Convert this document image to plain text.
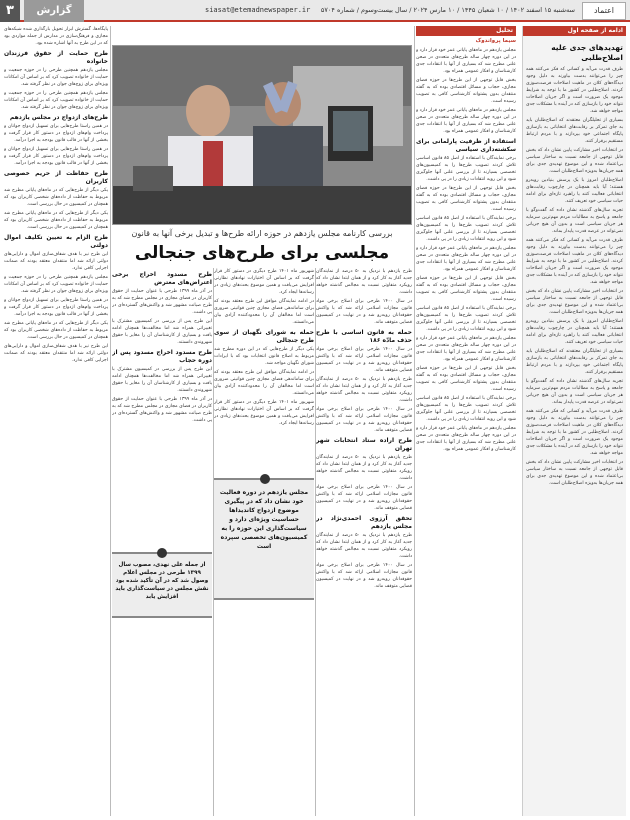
۳	گزارش	siasat@etemadnewspaper.ir	سه‌شنبه ۱۵ اسفند ۱۴۰۲ / ۱۰ شعبان ۱۴۴۵ / ۱۰ مارس ۲۰۲۴ / سال بیست‌وسوم / شماره ۵۷۰۴	اعتماد
ادامه از صفحه اول
تهدیدهای جدی علیه اصلاح‌طلبی

طرف قدرت می‌آید و کسانی که فکر می‌کنند همه چیز را می‌توانند بدست بیاورند به دلیل وجود دیدگاه‌های کلان در ماهیت اصلاحات فرصت‌سوزی کردند. اصلاح‌طلبی در کشور ما با توجه به شرایط موجود یک ضرورت است و اگر جریان اصلاحات نتواند خود را بازسازی کند در آینده با مشکلات جدی مواجه خواهد شد.

بسیاری از تحلیلگران معتقدند که اصلاح‌طلبان باید به جای تمرکز بر رقابت‌های انتخاباتی به بازسازی پایگاه اجتماعی خود بپردازند و با مردم ارتباط مستقیم برقرار کنند.

در انتخابات اخیر مشارکت پایین نشان داد که بخش قابل توجهی از جامعه نسبت به ساختار سیاسی بی‌اعتماد شده و این موضوع تهدیدی جدی برای همه جریان‌ها به‌ویژه اصلاح‌طلبان است.

اصلاح‌طلبان امروز با یک پرسش بنیادین روبه‌رو هستند؛ آیا باید همچنان در چارچوب رقابت‌های انتخاباتی فعالیت کنند یا راهبرد تازه‌ای برای ادامه حیات سیاسی خود تعریف کنند.

تجربه سال‌های گذشته نشان داده که گفت‌وگو با جامعه و پاسخ به مطالبات مردم مهم‌ترین سرمایه هر جریان سیاسی است و بدون آن هیچ جریانی نمی‌تواند در عرصه قدرت پایدار بماند.

طرف قدرت می‌آید و کسانی که فکر می‌کنند همه چیز را می‌توانند بدست بیاورند به دلیل وجود دیدگاه‌های کلان در ماهیت اصلاحات فرصت‌سوزی کردند. اصلاح‌طلبی در کشور ما با توجه به شرایط موجود یک ضرورت است و اگر جریان اصلاحات نتواند خود را بازسازی کند در آینده با مشکلات جدی مواجه خواهد شد.

در انتخابات اخیر مشارکت پایین نشان داد که بخش قابل توجهی از جامعه نسبت به ساختار سیاسی بی‌اعتماد شده و این موضوع تهدیدی جدی برای همه جریان‌ها به‌ویژه اصلاح‌طلبان است.

اصلاح‌طلبان امروز با یک پرسش بنیادین روبه‌رو هستند؛ آیا باید همچنان در چارچوب رقابت‌های انتخاباتی فعالیت کنند یا راهبرد تازه‌ای برای ادامه حیات سیاسی خود تعریف کنند.

بسیاری از تحلیلگران معتقدند که اصلاح‌طلبان باید به جای تمرکز بر رقابت‌های انتخاباتی به بازسازی پایگاه اجتماعی خود بپردازند و با مردم ارتباط مستقیم برقرار کنند.

تجربه سال‌های گذشته نشان داده که گفت‌وگو با جامعه و پاسخ به مطالبات مردم مهم‌ترین سرمایه هر جریان سیاسی است و بدون آن هیچ جریانی نمی‌تواند در عرصه قدرت پایدار بماند.

طرف قدرت می‌آید و کسانی که فکر می‌کنند همه چیز را می‌توانند بدست بیاورند به دلیل وجود دیدگاه‌های کلان در ماهیت اصلاحات فرصت‌سوزی کردند. اصلاح‌طلبی در کشور ما با توجه به شرایط موجود یک ضرورت است و اگر جریان اصلاحات نتواند خود را بازسازی کند در آینده با مشکلات جدی مواجه خواهد شد.

در انتخابات اخیر مشارکت پایین نشان داد که بخش قابل توجهی از جامعه نسبت به ساختار سیاسی بی‌اعتماد شده و این موضوع تهدیدی جدی برای همه جریان‌ها به‌ویژه اصلاح‌طلبان است.

تحلیل
سیما پرواندوک

مجلس یازدهم در ماه‌های پایانی عمر خود قرار دارد و در این دوره چهار ساله طرح‌های متعددی در صحن علنی مطرح شد که بسیاری از آنها با انتقادات جدی کارشناسان و افکار عمومی همراه بود.

بخش قابل توجهی از این طرح‌ها در حوزه فضای مجازی، حجاب و مسائل اقتصادی بوده که به گفته منتقدان بدون پشتوانه کارشناسی کافی به تصویب رسیده است.

مجلس یازدهم در ماه‌های پایانی عمر خود قرار دارد و در این دوره چهار ساله طرح‌های متعددی در صحن علنی مطرح شد که بسیاری از آنها با انتقادات جدی کارشناسان و افکار عمومی همراه بود.

استفاده از ظرفیت پارلمانی برای سکشته‌داری سیاسی

برخی نمایندگان با استفاده از اصل ۸۵ قانون اساسی تلاش کردند تصویب طرح‌ها را به کمیسیون‌های تخصصی بسپارند تا از بررسی علنی آنها جلوگیری شود و این رویه انتقادات زیادی را در پی داشت.

بخش قابل توجهی از این طرح‌ها در حوزه فضای مجازی، حجاب و مسائل اقتصادی بوده که به گفته منتقدان بدون پشتوانه کارشناسی کافی به تصویب رسیده است.

برخی نمایندگان با استفاده از اصل ۸۵ قانون اساسی تلاش کردند تصویب طرح‌ها را به کمیسیون‌های تخصصی بسپارند تا از بررسی علنی آنها جلوگیری شود و این رویه انتقادات زیادی را در پی داشت.

مجلس یازدهم در ماه‌های پایانی عمر خود قرار دارد و در این دوره چهار ساله طرح‌های متعددی در صحن علنی مطرح شد که بسیاری از آنها با انتقادات جدی کارشناسان و افکار عمومی همراه بود.

بخش قابل توجهی از این طرح‌ها در حوزه فضای مجازی، حجاب و مسائل اقتصادی بوده که به گفته منتقدان بدون پشتوانه کارشناسی کافی به تصویب رسیده است.

برخی نمایندگان با استفاده از اصل ۸۵ قانون اساسی تلاش کردند تصویب طرح‌ها را به کمیسیون‌های تخصصی بسپارند تا از بررسی علنی آنها جلوگیری شود و این رویه انتقادات زیادی را در پی داشت.

مجلس یازدهم در ماه‌های پایانی عمر خود قرار دارد و در این دوره چهار ساله طرح‌های متعددی در صحن علنی مطرح شد که بسیاری از آنها با انتقادات جدی کارشناسان و افکار عمومی همراه بود.

بخش قابل توجهی از این طرح‌ها در حوزه فضای مجازی، حجاب و مسائل اقتصادی بوده که به گفته منتقدان بدون پشتوانه کارشناسی کافی به تصویب رسیده است.

برخی نمایندگان با استفاده از اصل ۸۵ قانون اساسی تلاش کردند تصویب طرح‌ها را به کمیسیون‌های تخصصی بسپارند تا از بررسی علنی آنها جلوگیری شود و این رویه انتقادات زیادی را در پی داشت.

مجلس یازدهم در ماه‌های پایانی عمر خود قرار دارد و در این دوره چهار ساله طرح‌های متعددی در صحن علنی مطرح شد که بسیاری از آنها با انتقادات جدی کارشناسان و افکار عمومی همراه بود.

بررسی کارنامه مجلس یازدهم در حوزه ارائه طرح‌ها و تبدیل برخی آنها به قانون
مجلسی برای طرح‌های جنجالی

طرح یازدهم با نزدیک به ۵۰ درصد از نمایندگان جدید آغاز به کار کرد و از همان ابتدا نشان داد که رویکرد متفاوتی نسبت به مجالس گذشته خواهد داشت.

در سال ۱۴۰۰ طرحی برای اصلاح برخی مواد قانون مجازات اسلامی ارائه شد که با واکنش حقوقدانان روبه‌رو شد و در نهایت در کمیسیون قضایی متوقف ماند.

حمله به قانون اساسی با طرح حذف مادّه ۱۸۶

در سال ۱۴۰۰ طرحی برای اصلاح برخی مواد قانون مجازات اسلامی ارائه شد که با واکنش حقوقدانان روبه‌رو شد و در نهایت در کمیسیون قضایی متوقف ماند.

طرح یازدهم با نزدیک به ۵۰ درصد از نمایندگان جدید آغاز به کار کرد و از همان ابتدا نشان داد که رویکرد متفاوتی نسبت به مجالس گذشته خواهد داشت.

در سال ۱۴۰۰ طرحی برای اصلاح برخی مواد قانون مجازات اسلامی ارائه شد که با واکنش حقوقدانان روبه‌رو شد و در نهایت در کمیسیون قضایی متوقف ماند.

طرح اراده ستاد انتخابات شهر تهران

طرح یازدهم با نزدیک به ۵۰ درصد از نمایندگان جدید آغاز به کار کرد و از همان ابتدا نشان داد که رویکرد متفاوتی نسبت به مجالس گذشته خواهد داشت.

در سال ۱۴۰۰ طرحی برای اصلاح برخی مواد قانون مجازات اسلامی ارائه شد که با واکنش حقوقدانان روبه‌رو شد و در نهایت در کمیسیون قضایی متوقف ماند.

تحقق آرزوی احمدی‌نژاد در مجلس یازدهم

طرح یازدهم با نزدیک به ۵۰ درصد از نمایندگان جدید آغاز به کار کرد و از همان ابتدا نشان داد که رویکرد متفاوتی نسبت به مجالس گذشته خواهد داشت.

در سال ۱۴۰۰ طرحی برای اصلاح برخی مواد قانون مجازات اسلامی ارائه شد که با واکنش حقوقدانان روبه‌رو شد و در نهایت در کمیسیون قضایی متوقف ماند.

شهریور ماه ۱۴۰۱ طرح دیگری در دستور کار قرار گرفت که بر اساس آن اختیارات نهادهای نظارتی افزایش می‌یافت و همین موضوع بحث‌های زیادی در رسانه‌ها ایجاد کرد.

در ادامه نمایندگان موافق این طرح معتقد بودند که برای ساماندهی فضای مجازی چنین قوانینی ضروری است اما مخالفان آن را محدودکننده آزادی بیان می‌دانستند.

حمله به شورای نگهبان از سوی طرح جنجالی

یکی دیگر از طرح‌هایی که در این دوره مطرح شد مربوط به اصلاح قانون انتخابات بود که با ایرادات شورای نگهبان مواجه شد.

در ادامه نمایندگان موافق این طرح معتقد بودند که برای ساماندهی فضای مجازی چنین قوانینی ضروری است اما مخالفان آن را محدودکننده آزادی بیان می‌دانستند.

شهریور ماه ۱۴۰۱ طرح دیگری در دستور کار قرار گرفت که بر اساس آن اختیارات نهادهای نظارتی افزایش می‌یافت و همین موضوع بحث‌های زیادی در رسانه‌ها ایجاد کرد.

مجلس یازدهم در دوره فعالیت خود نشان داد که در پیگیری موضوع ازدواج کاندیداها حساسیت ویژه‌ای دارد و سیاست‌گذاری این حوزه را به کمیسیون‌های تخصصی سپرده است
طرح مسدود اخراج برخی اعتراض‌های معترض

در آذر ماه ۱۳۹۹ طرحی با عنوان حمایت از حقوق کاربران در فضای مجازی در مجلس مطرح شد که به طرح صیانت مشهور شد و واکنش‌های گسترده‌ای در پی داشت.

این طرح پس از بررسی در کمیسیون مشترک با تغییراتی همراه شد اما مخالفت‌ها همچنان ادامه یافت و بسیاری از کارشناسان آن را مغایر با حقوق شهروندی دانستند.

طرح مسدود اخراج مسدود پس از دوره حجاب

این طرح پس از بررسی در کمیسیون مشترک با تغییراتی همراه شد اما مخالفت‌ها همچنان ادامه یافت و بسیاری از کارشناسان آن را مغایر با حقوق شهروندی دانستند.

در آذر ماه ۱۳۹۹ طرحی با عنوان حمایت از حقوق کاربران در فضای مجازی در مجلس مطرح شد که به طرح صیانت مشهور شد و واکنش‌های گسترده‌ای در پی داشت.

از جمله علی نهدی، مصوب سال ۱۳۹۹ طرحی در مجلس اعلام وصول شد که در آن تأکید شده بود نقش مجلس در سیاست‌گذاری باید افزایش یابد

پایگاه‌ها، گسترش ابزار تحویل بارگذاری شده شبکه‌های مجازی و فرهنگ‌سازی در مدارس از جمله مواردی بود که در این طرح به آنها اشاره شده بود.

طرح حمایت از حقوق فرزندان خانواده

مجلس یازدهم همچنین طرحی را در حوزه جمعیت و حمایت از خانواده تصویب کرد که بر اساس آن امکانات ویژه‌ای برای زوج‌های جوان در نظر گرفته شد.

مجلس یازدهم همچنین طرحی را در حوزه جمعیت و حمایت از خانواده تصویب کرد که بر اساس آن امکانات ویژه‌ای برای زوج‌های جوان در نظر گرفته شد.

طرح‌های ازدواج در مجلس یازدهم

در همین راستا طرح‌هایی برای تسهیل ازدواج جوانان و پرداخت وام‌های ازدواج در دستور کار قرار گرفت و بخشی از آنها در قالب قانون بودجه به اجرا درآمد.

در همین راستا طرح‌هایی برای تسهیل ازدواج جوانان و پرداخت وام‌های ازدواج در دستور کار قرار گرفت و بخشی از آنها در قالب قانون بودجه به اجرا درآمد.

طرح حفاظت از حریم خصوصی کاربران

یکی دیگر از طرح‌هایی که در ماه‌های پایانی مطرح شد مربوط به حفاظت از داده‌های شخصی کاربران بود که همچنان در کمیسیون در حال بررسی است.

یکی دیگر از طرح‌هایی که در ماه‌های پایانی مطرح شد مربوط به حفاظت از داده‌های شخصی کاربران بود که همچنان در کمیسیون در حال بررسی است.

طرح الزام به تعیین تکلیف اموال دولتی

این طرح نیز با هدف شفاف‌سازی اموال و دارایی‌های دولتی ارائه شد اما منتقدان معتقد بودند که ضمانت اجرایی کافی ندارد.

مجلس یازدهم همچنین طرحی را در حوزه جمعیت و حمایت از خانواده تصویب کرد که بر اساس آن امکانات ویژه‌ای برای زوج‌های جوان در نظر گرفته شد.

در همین راستا طرح‌هایی برای تسهیل ازدواج جوانان و پرداخت وام‌های ازدواج در دستور کار قرار گرفت و بخشی از آنها در قالب قانون بودجه به اجرا درآمد.

یکی دیگر از طرح‌هایی که در ماه‌های پایانی مطرح شد مربوط به حفاظت از داده‌های شخصی کاربران بود که همچنان در کمیسیون در حال بررسی است.

این طرح نیز با هدف شفاف‌سازی اموال و دارایی‌های دولتی ارائه شد اما منتقدان معتقد بودند که ضمانت اجرایی کافی ندارد.
